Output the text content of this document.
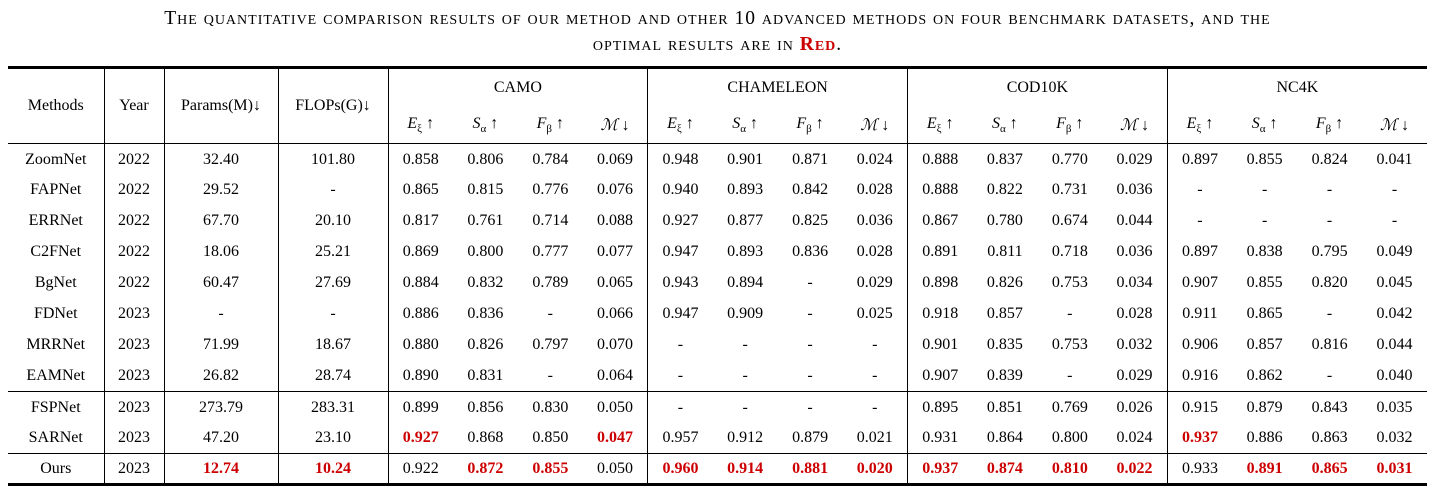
The quantitative comparison results of our method and other 10 advanced methods on four benchmark datasets, and the
optimal results are in Red.
Methods	Year	Params(M)↓	FLOPs(G)↓	CAMO				CHAMELEON				COD10K				NC4K			
				$E_\xi$ ↑	$S_\alpha$ ↑	$F_\beta$ ↑	ℳ ↓	$E_\xi$ ↑	$S_\alpha$ ↑	$F_\beta$ ↑	ℳ ↓	$E_\xi$ ↑	$S_\alpha$ ↑	$F_\beta$ ↑	ℳ ↓	$E_\xi$ ↑	$S_\alpha$ ↑	$F_\beta$ ↑	ℳ ↓
ZoomNet	2022	32.40	101.80	0.858	0.806	0.784	0.069	0.948	0.901	0.871	0.024	0.888	0.837	0.770	0.029	0.897	0.855	0.824	0.041
FAPNet	2022	29.52	-	0.865	0.815	0.776	0.076	0.940	0.893	0.842	0.028	0.888	0.822	0.731	0.036	-	-	-	-
ERRNet	2022	67.70	20.10	0.817	0.761	0.714	0.088	0.927	0.877	0.825	0.036	0.867	0.780	0.674	0.044	-	-	-	-
C2FNet	2022	18.06	25.21	0.869	0.800	0.777	0.077	0.947	0.893	0.836	0.028	0.891	0.811	0.718	0.036	0.897	0.838	0.795	0.049
BgNet	2022	60.47	27.69	0.884	0.832	0.789	0.065	0.943	0.894	-	0.029	0.898	0.826	0.753	0.034	0.907	0.855	0.820	0.045
FDNet	2023	-	-	0.886	0.836	-	0.066	0.947	0.909	-	0.025	0.918	0.857	-	0.028	0.911	0.865	-	0.042
MRRNet	2023	71.99	18.67	0.880	0.826	0.797	0.070	-	-	-	-	0.901	0.835	0.753	0.032	0.906	0.857	0.816	0.044
EAMNet	2023	26.82	28.74	0.890	0.831	-	0.064	-	-	-	-	0.907	0.839	-	0.029	0.916	0.862	-	0.040
FSPNet	2023	273.79	283.31	0.899	0.856	0.830	0.050	-	-	-	-	0.895	0.851	0.769	0.026	0.915	0.879	0.843	0.035
SARNet	2023	47.20	23.10	0.927	0.868	0.850	0.047	0.957	0.912	0.879	0.021	0.931	0.864	0.800	0.024	0.937	0.886	0.863	0.032
Ours	2023	12.74	10.24	0.922	0.872	0.855	0.050	0.960	0.914	0.881	0.020	0.937	0.874	0.810	0.022	0.933	0.891	0.865	0.031
